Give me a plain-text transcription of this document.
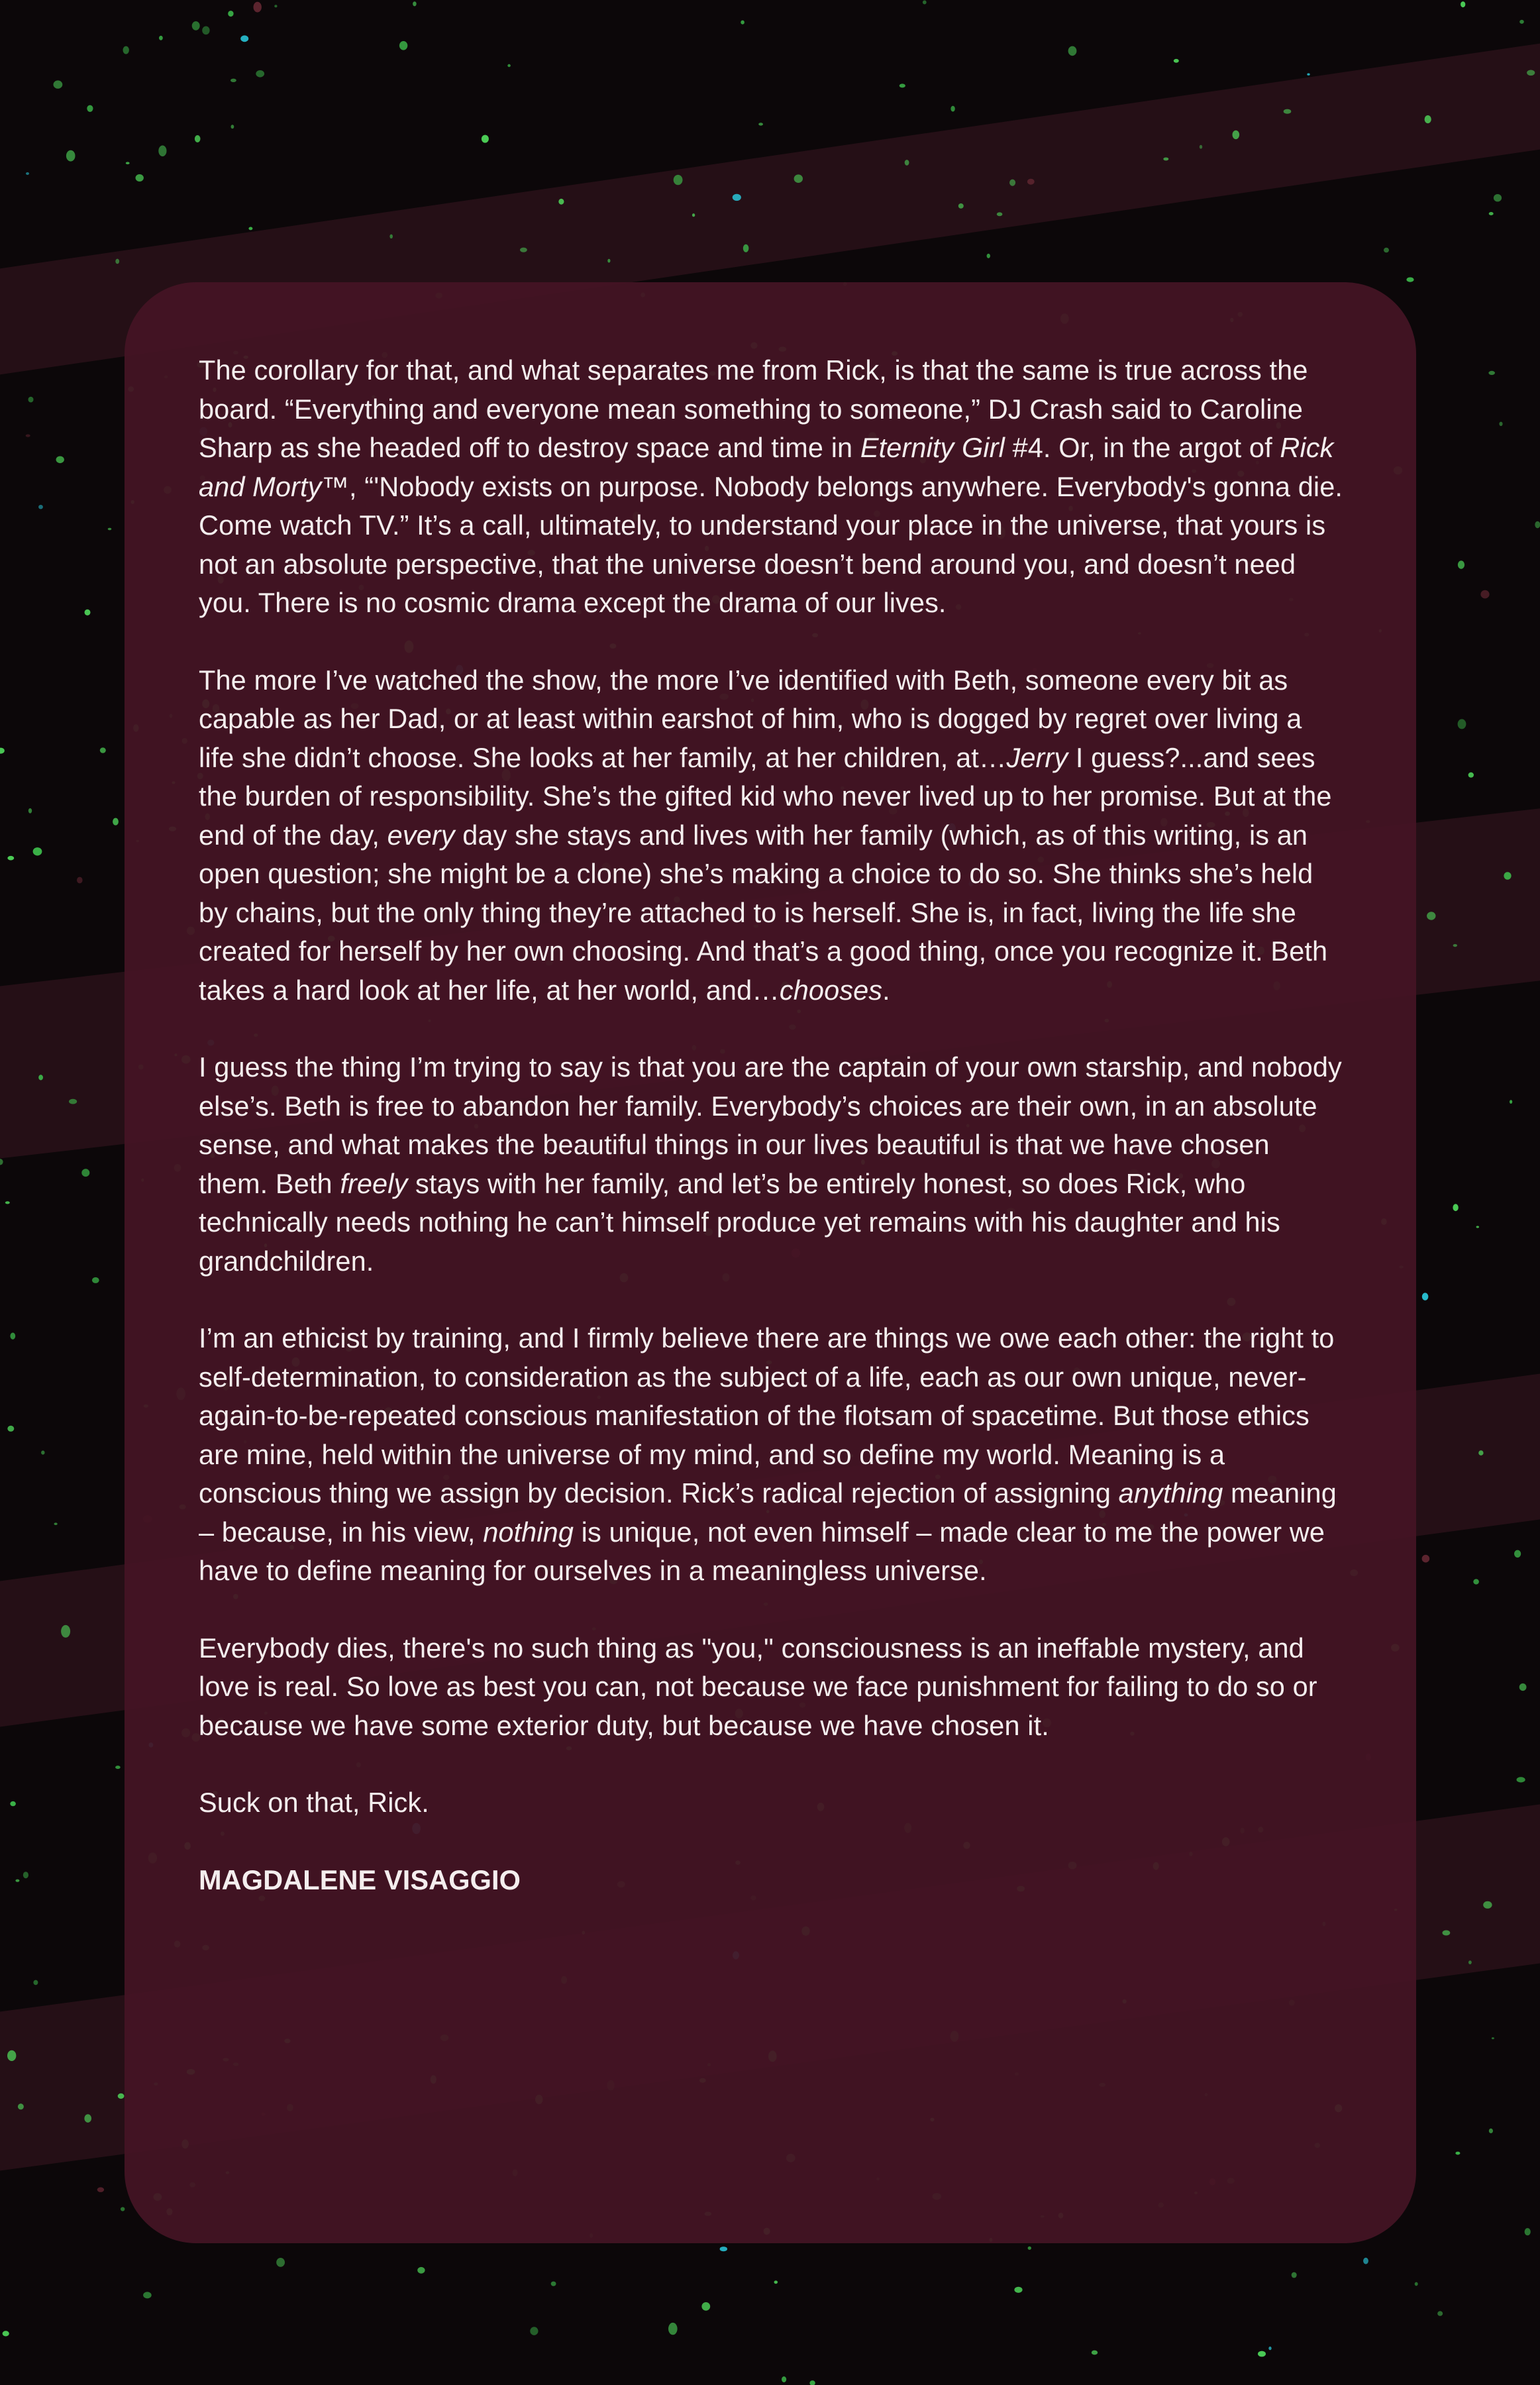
The corollary for that, and what separates me from Rick, is that the same is true across the board. “Everything and everyone mean something to someone,” DJ Crash said to Caroline Sharp as she headed off to destroy space and time in Eternity Girl #4. Or, in the argot of Rick and Morty™, “'Nobody exists on purpose. Nobody belongs anywhere. Everybody's gonna die. Come watch TV.” It’s a call, ultimately, to understand your place in the universe, that yours is not an absolute perspective, that the universe doesn’t bend around you, and doesn’t need you. There is no cosmic drama except the drama of our lives.

The more I’ve watched the show, the more I’ve identified with Beth, someone every bit as capable as her Dad, or at least within earshot of him, who is dogged by regret over living a life she didn’t choose. She looks at her family, at her children, at…Jerry I guess?...and sees the burden of responsibility. She’s the gifted kid who never lived up to her promise. But at the end of the day, every day she stays and lives with her family (which, as of this writing, is an open question; she might be a clone) she’s making a choice to do so. She thinks she’s held by chains, but the only thing they’re attached to is herself. She is, in fact, living the life she created for herself by her own choosing. And that’s a good thing, once you recognize it. Beth takes a hard look at her life, at her world, and…chooses.

I guess the thing I’m trying to say is that you are the captain of your own starship, and nobody else’s. Beth is free to abandon her family. Everybody’s choices are their own, in an absolute sense, and what makes the beautiful things in our lives beautiful is that we have chosen them. Beth freely stays with her family, and let’s be entirely honest, so does Rick, who technically needs nothing he can’t himself produce yet remains with his daughter and his grandchildren.

I’m an ethicist by training, and I firmly believe there are things we owe each other: the right to self-determination, to consideration as the subject of a life, each as our own unique, never-again-to-be-repeated conscious manifestation of the flotsam of spacetime. But those ethics are mine, held within the universe of my mind, and so define my world. Meaning is a conscious thing we assign by decision. Rick’s radical rejection of assigning anything meaning – because, in his view, nothing is unique, not even himself – made clear to me the power we have to define meaning for ourselves in a meaningless universe.

Everybody dies, there's no such thing as "you," consciousness is an ineffable mystery, and love is real. So love as best you can, not because we face punishment for failing to do so or because we have some exterior duty, but because we have chosen it.

Suck on that, Rick.

MAGDALENE VISAGGIO
